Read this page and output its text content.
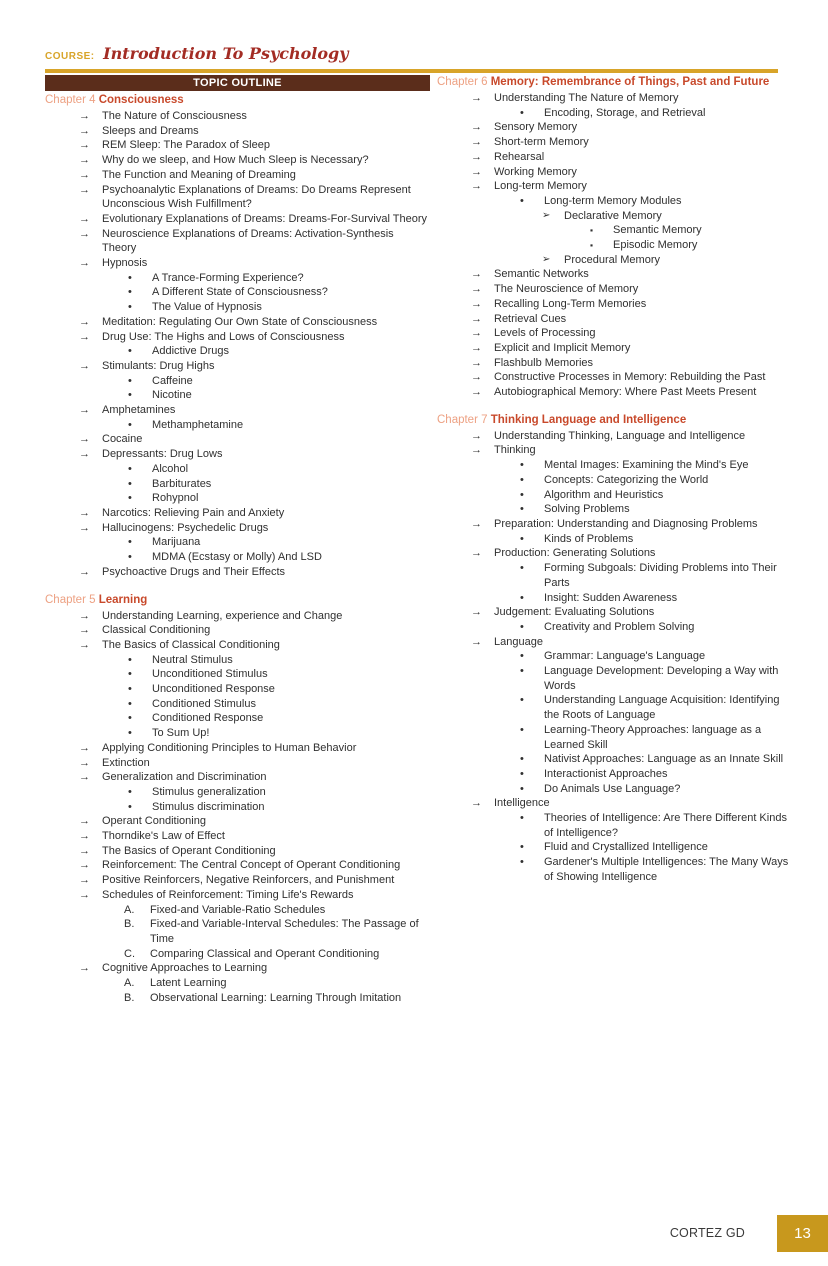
COURSE: Introduction To Psychology
TOPIC OUTLINE
Chapter 4 Consciousness
→	The Nature of Consciousness
→	Sleeps and Dreams
→	REM Sleep: The Paradox of Sleep
→	Why do we sleep, and How Much Sleep is Necessary?
→	The Function and Meaning of Dreaming
→	Psychoanalytic Explanations of Dreams: Do Dreams Represent Unconscious Wish Fulfillment?
→	Evolutionary Explanations of Dreams: Dreams-For-Survival Theory
→	Neuroscience Explanations of Dreams: Activation-Synthesis Theory
→	Hypnosis
•	A Trance-Forming Experience?
•	A Different State of Consciousness?
•	The Value of Hypnosis
→	Meditation: Regulating Our Own State of Consciousness
→	Drug Use: The Highs and Lows of Consciousness
•	Addictive Drugs
→	Stimulants: Drug Highs
•	Caffeine
•	Nicotine
→	Amphetamines
•	Methamphetamine
→	Cocaine
→	Depressants: Drug Lows
•	Alcohol
•	Barbiturates
•	Rohypnol
→	Narcotics: Relieving Pain and Anxiety
→	Hallucinogens: Psychedelic Drugs
•	Marijuana
•	MDMA (Ecstasy or Molly) And LSD
→	Psychoactive Drugs and Their Effects
Chapter 5 Learning
→	Understanding Learning, experience and Change
→	Classical Conditioning
→	The Basics of Classical Conditioning
•	Neutral Stimulus
•	Unconditioned Stimulus
•	Unconditioned Response
•	Conditioned Stimulus
•	Conditioned Response
•	To Sum Up!
→	Applying Conditioning Principles to Human Behavior
→	Extinction
→	Generalization and Discrimination
•	Stimulus generalization
•	Stimulus discrimination
→	Operant Conditioning
→	Thorndike's Law of Effect
→	The Basics of Operant Conditioning
→	Reinforcement: The Central Concept of Operant Conditioning
→	Positive Reinforcers, Negative Reinforcers, and Punishment
→	Schedules of Reinforcement: Timing Life's Rewards
A.	Fixed-and Variable-Ratio Schedules
B.	Fixed-and Variable-Interval Schedules: The Passage of Time
C.	Comparing Classical and Operant Conditioning
→	Cognitive Approaches to Learning
A.	Latent Learning
B.	Observational Learning: Learning Through Imitation
Chapter 6 Memory: Remembrance of Things, Past and Future
→	Understanding The Nature of Memory
•	Encoding, Storage, and Retrieval
→	Sensory Memory
→	Short-term Memory
→	Rehearsal
→	Working Memory
→	Long-term Memory
•	Long-term Memory Modules
➢	Declarative Memory
▪	Semantic Memory
▪	Episodic Memory
➢	Procedural Memory
→	Semantic Networks
→	The Neuroscience of Memory
→	Recalling Long-Term Memories
→	Retrieval Cues
→	Levels of Processing
→	Explicit and Implicit Memory
→	Flashbulb Memories
→	Constructive Processes in Memory: Rebuilding the Past
→	Autobiographical Memory: Where Past Meets Present
Chapter 7 Thinking Language and Intelligence
→	Understanding Thinking, Language and Intelligence
→	Thinking
•	Mental Images: Examining the Mind's Eye
•	Concepts: Categorizing the World
•	Algorithm and Heuristics
•	Solving Problems
→	Preparation: Understanding and Diagnosing Problems
•	Kinds of Problems
→	Production: Generating Solutions
•	Forming Subgoals: Dividing Problems into Their Parts
•	Insight: Sudden Awareness
→	Judgement: Evaluating Solutions
•	Creativity and Problem Solving
→	Language
•	Grammar: Language's Language
•	Language Development: Developing a Way with Words
•	Understanding Language Acquisition: Identifying the Roots of Language
•	Learning-Theory Approaches: language as a Learned Skill
•	Nativist Approaches: Language as an Innate Skill
•	Interactionist Approaches
•	Do Animals Use Language?
→	Intelligence
•	Theories of Intelligence: Are There Different Kinds of Intelligence?
•	Fluid and Crystallized Intelligence
•	Gardener's Multiple Intelligences: The Many Ways of Showing Intelligence
CORTEZ GD	13
